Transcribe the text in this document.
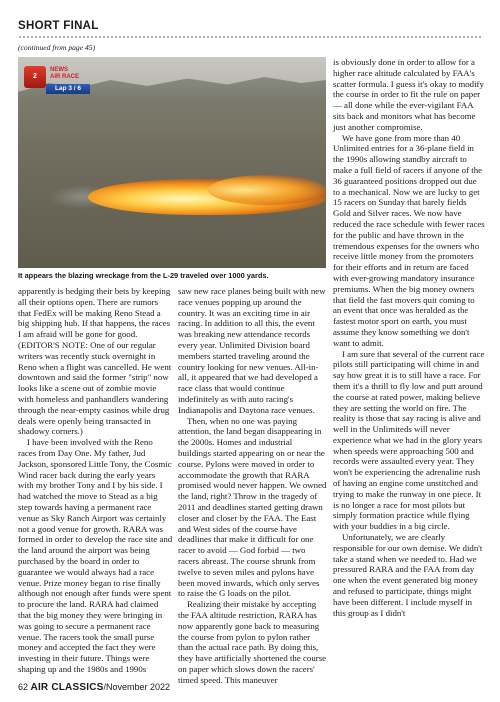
SHORT FINAL
(continued from page 45)
2
NEWS
AIR RACE
Lap 3 / 6
It appears the blazing wreckage from the L-29 traveled over 1000 yards.

apparently is hedging their bets by keeping all their options open. There are rumors that FedEx will be making Reno Stead a big shipping hub. If that happens, the races I am afraid will be gone for good. (EDITOR'S NOTE: One of our regular writers was recently stuck overnight in Reno when a flight was cancelled. He went downtown and said the former "strip" now looks like a scene out of zombie movie with homeless and panhandlers wandering through the near-empty casinos while drug deals were openly being transacted in shadowy corners.)

I have been involved with the Reno races from Day One. My father, Jud Jackson, sponsored Little Tony, the Cosmic Wind racer back during the early years with my brother Tony and I by his side. I had watched the move to Stead as a big step towards having a permanent race venue as Sky Ranch Airport was certainly not a good venue for growth. RARA was formed in order to develop the race site and the land around the airport was being purchased by the board in order to guarantee we would always had a race venue. Prize money began to rise finally although not enough after funds were spent to procure the land. RARA had claimed that the big money they were bringing in was going to secure a permanent race venue. The racers took the small purse money and accepted the fact they were investing in their future. Things were shaping up and the 1980s and 1990s

saw new race planes being built with new race venues popping up around the country. It was an exciting time in air racing. In addition to all this, the event was breaking new attendance records every year. Unlimited Division board members started traveling around the country looking for new venues. All-in-all, it appeared that we had developed a race class that would continue indefinitely as with auto racing's Indianapolis and Daytona race venues.

Then, when no one was paying attention, the land began disappearing in the 2000s. Homes and industrial buildings started appearing on or near the course. Pylons were moved in order to accommodate the growth that RARA promised would never happen. We owned the land, right? Throw in the tragedy of 2011 and deadlines started getting drawn closer and closer by the FAA. The East and West sides of the course have deadlines that make it difficult for one racer to avoid — God forbid — two racers abreast. The course shrunk from twelve to seven miles and pylons have been moved inwards, which only serves to raise the G loads on the pilot.

Realizing their mistake by accepting the FAA altitude restriction, RARA has now apparently gone back to measuring the course from pylon to pylon rather than the actual race path. By doing this, they have artificially shortened the course on paper which slows down the racers' timed speed. This maneuver

is obviously done in order to allow for a higher race altitude calculated by FAA's scatter formula. I guess it's okay to modify the course in order to fit the rule on paper — all done while the ever-vigilant FAA sits back and monitors what has become just another compromise.

We have gone from more than 40 Unlimited entries for a 36-plane field in the 1990s allowing standby aircraft to make a full field of racers if anyone of the 36 guaranteed positions dropped out due to a mechanical. Now we are lucky to get 15 racers on Sunday that barely fields Gold and Silver races. We now have reduced the race schedule with fewer races for the public and have thrown in the tremendous expenses for the owners who receive little money from the promoters for their efforts and in return are faced with ever-growing mandatory insurance premiums. When the big money owners that field the fast movers quit coming to an event that once was heralded as the fastest motor sport on earth, you must assume they know something we don't want to admit.

I am sure that several of the current race pilots still participating will chime in and say how great it is to still have a race. For them it's a thrill to fly low and putt around the course at rated power, making believe they are setting the world on fire. The reality is those that say racing is alive and well in the Unlimiteds will never experience what we had in the glory years when speeds were approaching 500 and records were assaulted every year. They won't be experiencing the adrenaline rush of having an engine come unstitched and trying to make the runway in one piece. It is no longer a race for most pilots but simply formation practice while flying with your buddies in a big circle.

Unfortunately, we are clearly responsible for our own demise. We didn't take a stand when we needed to. Had we pressured RARA and the FAA from day one when the event generated big money and refused to participate, things might have been different. I include myself in this group as I didn't

62 AIR CLASSICS/November 2022
